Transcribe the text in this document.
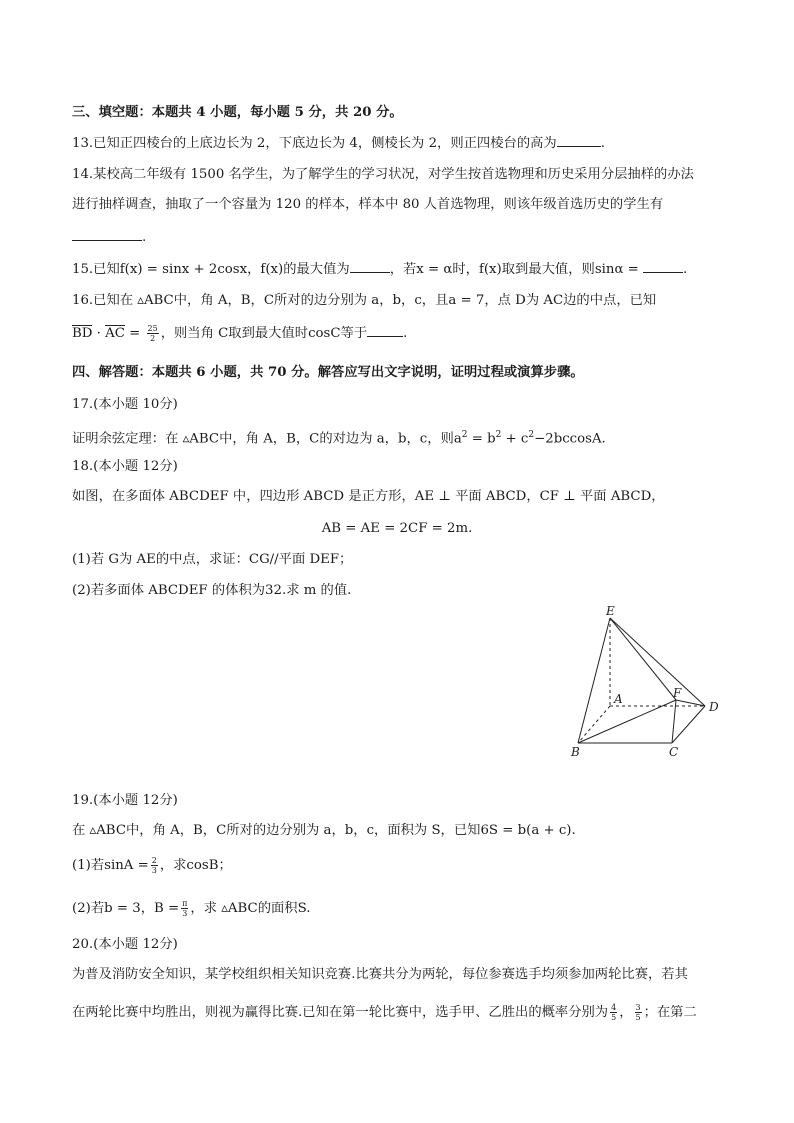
三、填空题：本题共 4 小题，每小题 5 分，共 20 分。
13.已知正四棱台的上底边长为 2，下底边长为 4，侧棱长为 2，则正四棱台的高为	.
14.某校高二年级有 1500 名学生，为了解学生的学习状况，对学生按首选物理和历史采用分层抽样的办法
进行抽样调查，抽取了一个容量为 120 的样本，样本中 80 人首选物理，则该年级首选历史的学生有
.
15.已知f(x) = sinx + 2cosx，f(x)的最大值为	，若x = α时，f(x)取到最大值，则sinα =	.
16.已知在 ▵ABC中，角 A，B，C所对的边分别为 a，b，c，且a = 7，点 D为 AC边的中点，已知
BD · AC = $\frac{25}{2}$ ，则当角 C取到最大值时cosC等于	.
四、解答题：本题共 6 小题，共 70 分。解答应写出文字说明，证明过程或演算步骤。
17.(本小题 10分)
证明余弦定理：在 ▵ABC中，角 A，B，C的对边为 a，b，c，则$a^2 = b^2 + c^2-2bccosA$.
18.(本小题 12分)
如图，在多面体 ABCDEF 中，四边形 ABCD 是正方形，AE ⊥ 平面 ABCD，CF ⊥ 平面 ABCD，
AB = AE = 2CF = 2m.
(1)若 G为 AE的中点，求证：CG//平面 DEF；
(2)若多面体 ABCDEF 的体积为32.求 m 的值.
E
A	F
D
B	C
19.(本小题 12分)
在 ▵ABC中，角 A，B，C所对的边分别为 a，b，c，面积为 S，已知6S = b(a + c).
(1)若$\sin A = \frac{2}{3}$ ，求cosB；
(2)若b = 3，$B = \frac{\pi}{3}$ ，求 ▵ABC的面积S.
20.(本小题 12分)
为普及消防安全知识，某学校组织相关知识竞赛.比赛共分为两轮，每位参赛选手均须参加两轮比赛，若其
在两轮比赛中均胜出，则视为赢得比赛.已知在第一轮比赛中，选手甲、乙胜出的概率分别为 $\frac{4}{5}$ ， $\frac{3}{5}$ ；在第二
